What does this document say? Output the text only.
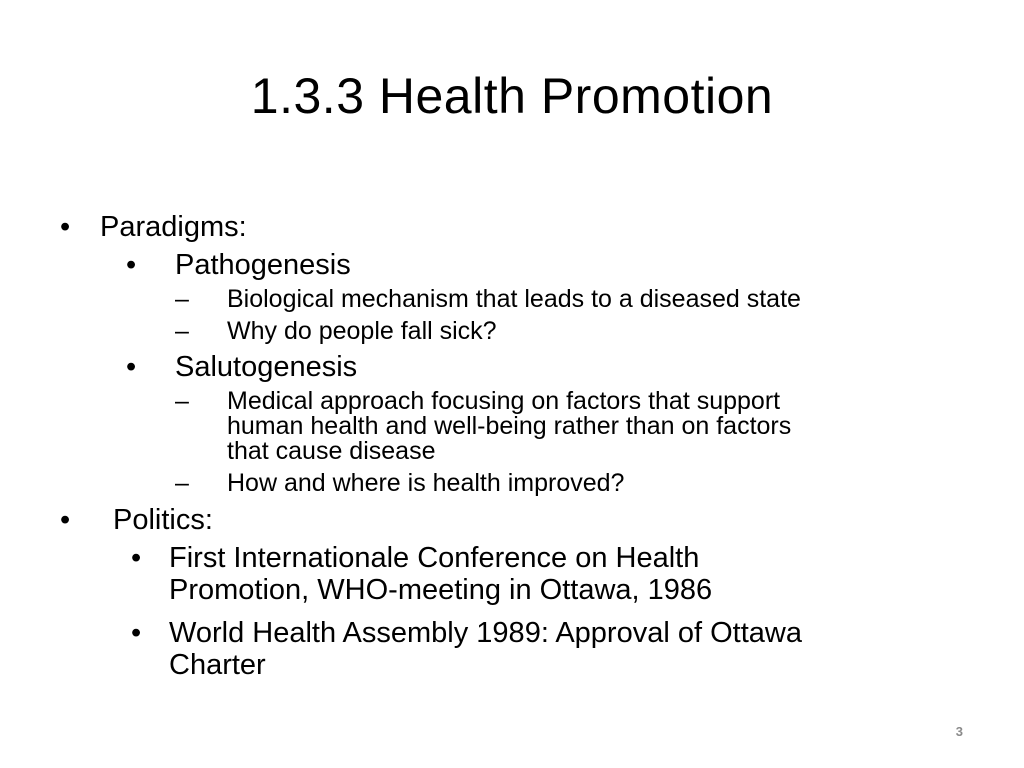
1.3.3 Health Promotion
• Paradigms:
• Pathogenesis
– Biological mechanism that leads to a diseased state
– Why do people fall sick?
• Salutogenesis
– Medical approach focusing on factors that support
human health and well-being rather than on factors
that cause disease
– How and where is health improved?
• Politics:
• First Internationale Conference on Health
Promotion, WHO-meeting in Ottawa, 1986
• World Health Assembly 1989: Approval of Ottawa
Charter
3
